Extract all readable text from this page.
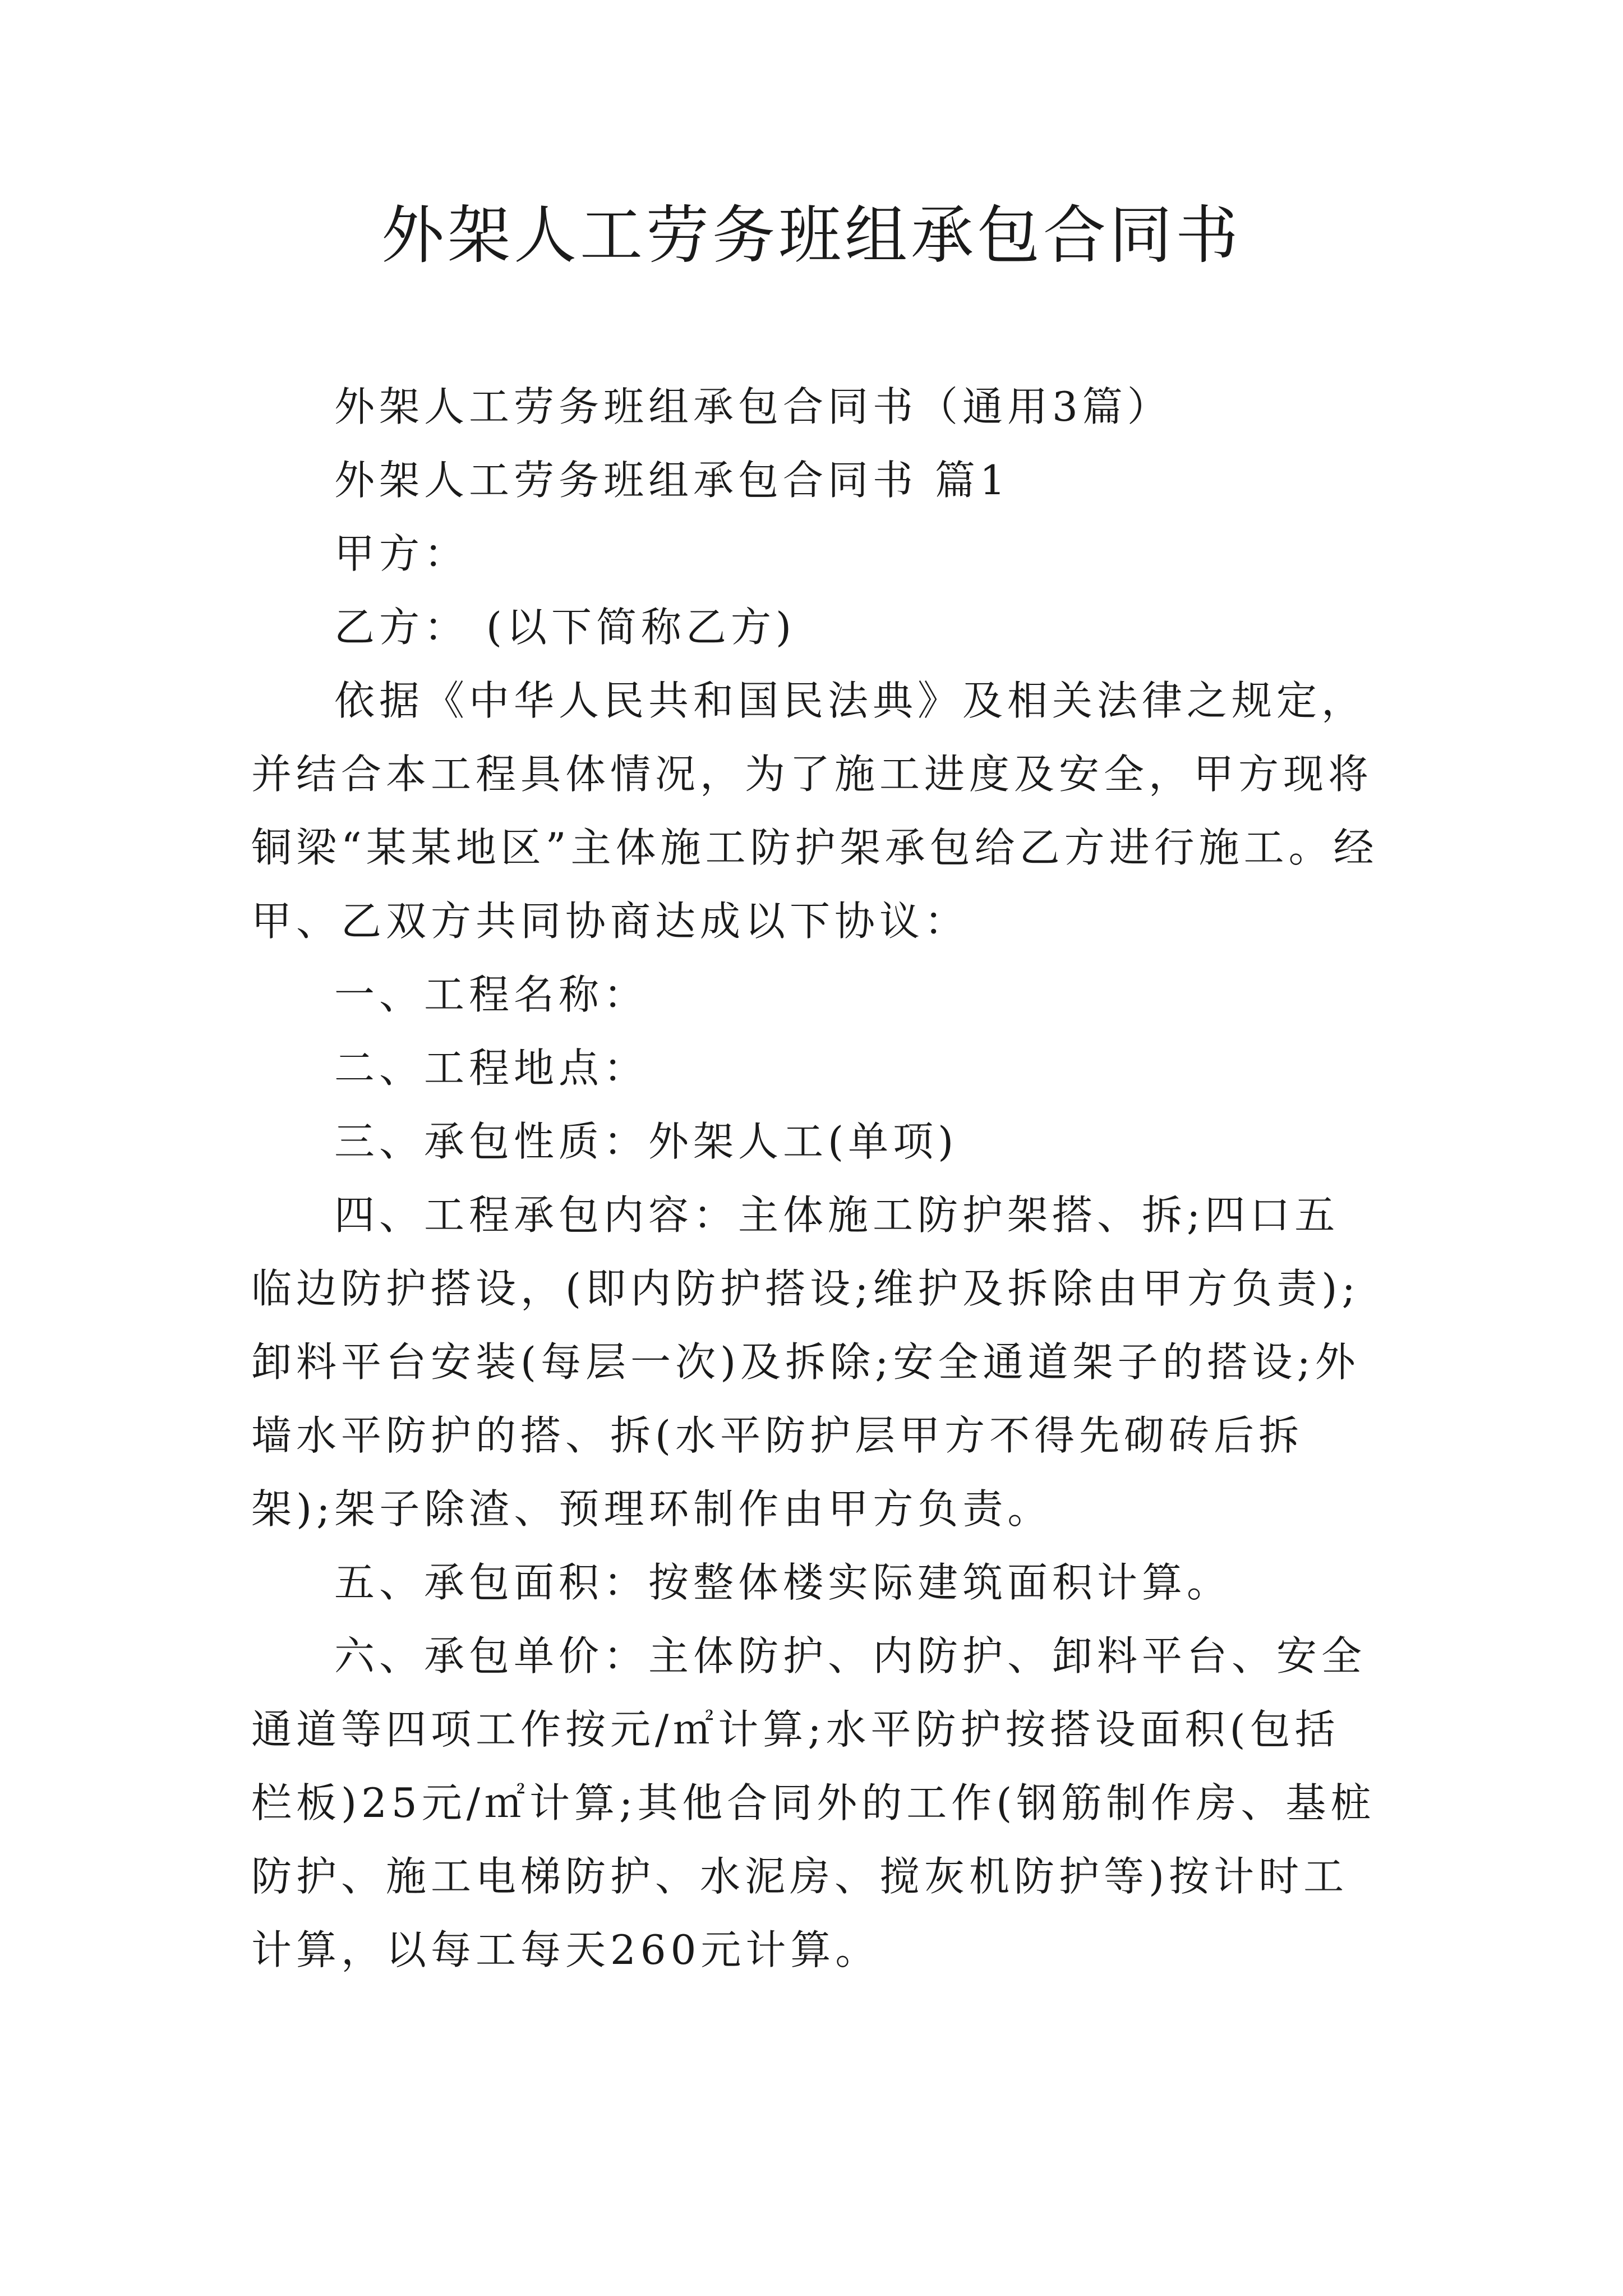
外架人工劳务班组承包合同书

外架人工劳务班组承包合同书（通用3篇）

外架人工劳务班组承包合同书 篇1

甲方：

乙方： (以下简称乙方)

依据《中华人民共和国民法典》及相关法律之规定，并结合本工程具体情况，为了施工进度及安全，甲方现将铜梁“某某地区”主体施工防护架承包给乙方进行施工。经甲、乙双方共同协商达成以下协议：

一、工程名称：

二、工程地点：

三、承包性质：外架人工(单项)

四、工程承包内容：主体施工防护架搭、拆;四口五临边防护搭设，(即内防护搭设;维护及拆除由甲方负责);卸料平台安装(每层一次)及拆除;安全通道架子的搭设;外墙水平防护的搭、拆(水平防护层甲方不得先砌砖后拆架);架子除渣、预理环制作由甲方负责。

五、承包面积：按整体楼实际建筑面积计算。

六、承包单价：主体防护、内防护、卸料平台、安全通道等四项工作按元/㎡计算;水平防护按搭设面积(包括栏板)25元/㎡计算;其他合同外的工作(钢筋制作房、基桩防护、施工电梯防护、水泥房、搅灰机防护等)按计时工计算，以每工每天260元计算。
